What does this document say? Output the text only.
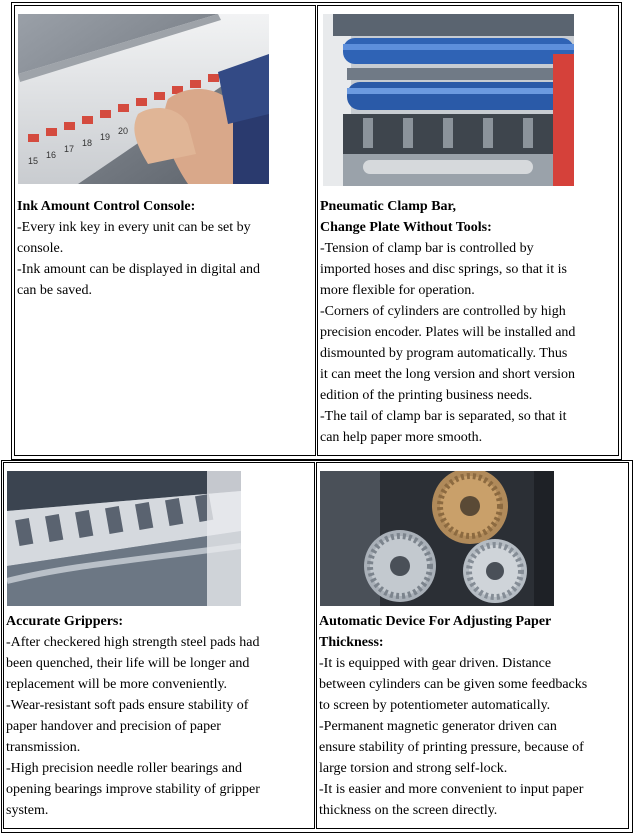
15
16
17
18
19
20
Ink Amount Control Console:
-Every ink key in every unit can be set by
console.
-Ink amount can be displayed in digital and
can be saved.
Pneumatic Clamp Bar,
Change Plate Without Tools:
-Tension of clamp bar is controlled by
imported hoses and disc springs, so that it is
more flexible for operation.
-Corners of cylinders are controlled by high
precision encoder. Plates will be installed and
dismounted by program automatically. Thus
it can meet the long version and short version
edition of the printing business needs.
-The tail of clamp bar is separated, so that it
can help paper more smooth.
Accurate Grippers:
-After checkered high strength steel pads had
been quenched, their life will be longer and
replacement will be more conveniently.
-Wear-resistant soft pads ensure stability of
paper handover and precision of paper
transmission.
-High precision needle roller bearings and
opening bearings improve stability of gripper
system.
Automatic Device For Adjusting Paper
Thickness:
-It is equipped with gear driven. Distance
between cylinders can be given some feedbacks
to screen by potentiometer automatically.
-Permanent magnetic generator driven can
ensure stability of printing pressure, because of
large torsion and strong self-lock.
-It is easier and more convenient to input paper
thickness on the screen directly.
